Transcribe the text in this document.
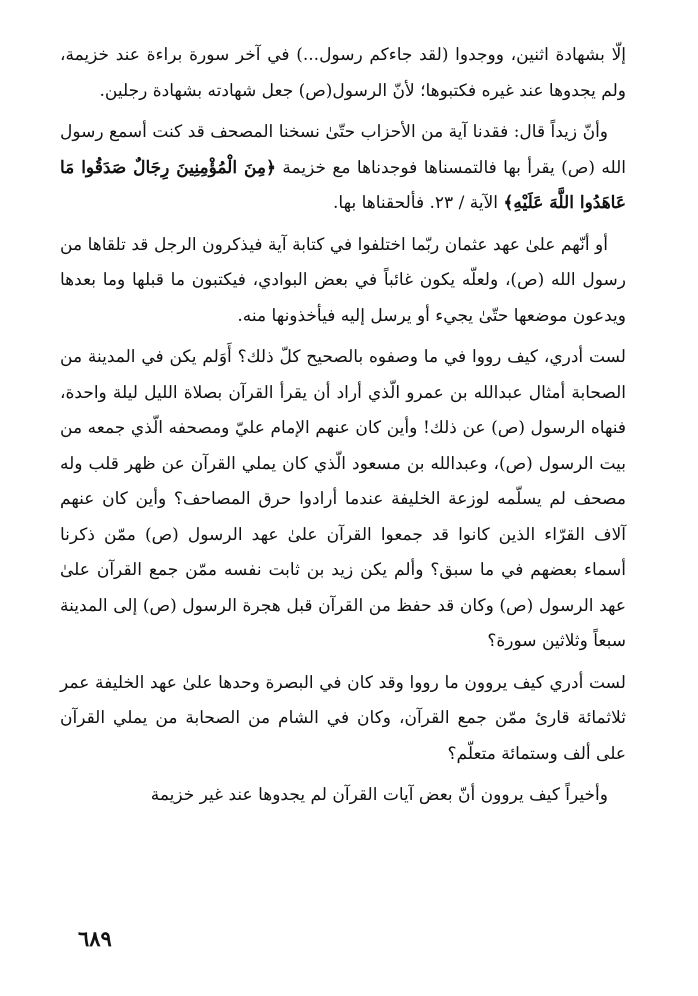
إلّا بشهادة اثنين، ووجدوا (لقد جاءكم رسول...) في آخر سورة براءة عند خزيمة، ولم يجدوها عند غيره فكتبوها؛ لأنّ الرسول(ص) جعل شهادته بشهادة رجلين.

وأنّ زيداً قال: فقدنا آية من الأحزاب حتّىٰ نسخنا المصحف قد كنت أسمع رسول الله (ص) يقرأ بها فالتمسناها فوجدناها مع خزيمة ﴿مِنَ الْمُؤْمِنِينَ رِجَالٌ صَدَقُوا مَا عَاهَدُوا اللَّهَ عَلَيْهِ﴾ الآية / ٢٣. فألحقناها بها.

أو أنّهم علىٰ عهد عثمان ربّما اختلفوا في كتابة آية فيذكرون الرجل قد تلقاها من رسول الله (ص)، ولعلّه يكون غائباً في بعض البوادي، فيكتبون ما قبلها وما بعدها ويدعون موضعها حتّىٰ يجيء أو يرسل إليه فيأخذونها منه.

لست أدري، كيف رووا في ما وصفوه بالصحيح كلّ ذلك؟ أَوَلم يكن في المدينة من الصحابة أمثال عبدالله بن عمرو الّذي أراد أن يقرأ القرآن بصلاة الليل ليلة واحدة، فنهاه الرسول (ص) عن ذلك! وأين كان عنهم الإمام عليّ ومصحفه الّذي جمعه من بيت الرسول (ص)، وعبدالله بن مسعود الّذي كان يملي القرآن عن ظهر قلب وله مصحف لم يسلّمه لوزعة الخليفة عندما أرادوا حرق المصاحف؟ وأين كان عنهم آلاف القرّاء الذين كانوا قد جمعوا القرآن علىٰ عهد الرسول (ص) ممّن ذكرنا أسماء بعضهم في ما سبق؟ وألم يكن زيد بن ثابت نفسه ممّن جمع القرآن علىٰ عهد الرسول (ص) وكان قد حفظ من القرآن قبل هجرة الرسول (ص) إلى المدينة سبعاً وثلاثين سورة؟

لست أدري كيف يروون ما رووا وقد كان في البصرة وحدها علىٰ عهد الخليفة عمر ثلاثمائة قارئ ممّن جمع القرآن، وكان في الشام من الصحابة من يملي القرآن على ألف وستمائة متعلّم؟

وأخيراً كيف يروون أنّ بعض آيات القرآن لم يجدوها عند غير خزيمة

٦٨٩
